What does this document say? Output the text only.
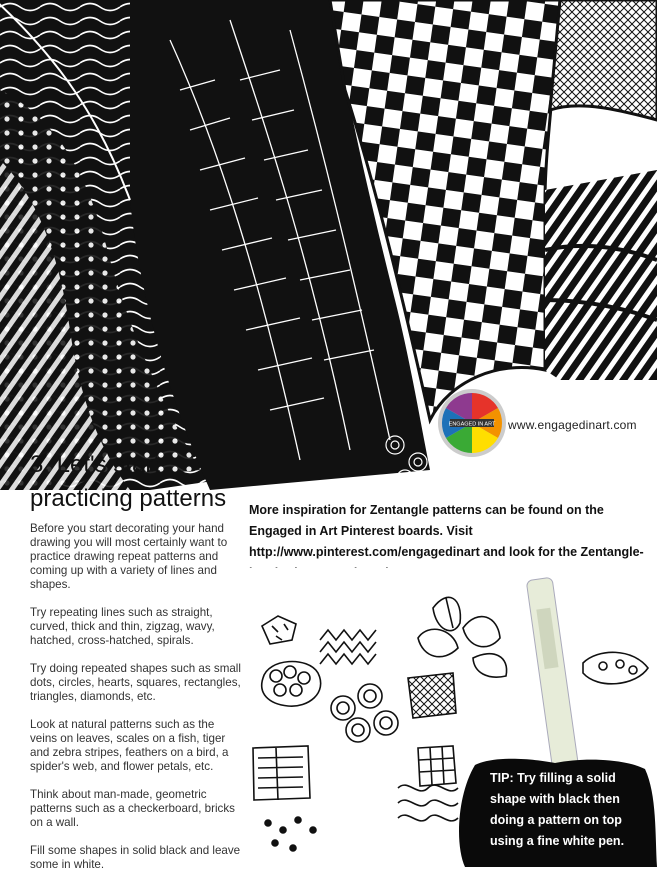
ENGAGED IN ART www.engagedinart.com
3. Let's start practicing patterns	More inspiration for Zentangle patterns can be found on the Engaged in Art Pinterest boards. Visit http://www.pinterest.com/engagedinart and look for the Zentangle-

Before you start decorating your hand drawing you will most certainly want to practice drawing repeat patterns and coming up with a variety of lines and shapes.

Try repeating lines such as straight, curved, thick and thin, zigzag, wavy, hatched, cross-hatched, spirals.

Try doing repeated shapes such as small dots, circles, hearts, squares, rectangles, triangles, diamonds, etc.

Look at natural patterns such as the veins on leaves, scales on a fish, tiger and zebra stripes, feathers on a bird, a spider's web, and flower petals, etc.

Think about man-made, geometric patterns such as a checkerboard, bricks on a wall.

Fill some shapes in solid black and leave some in white.

TIP: Try filling a solid shape with black then doing a pattern on top using a fine white pen.
